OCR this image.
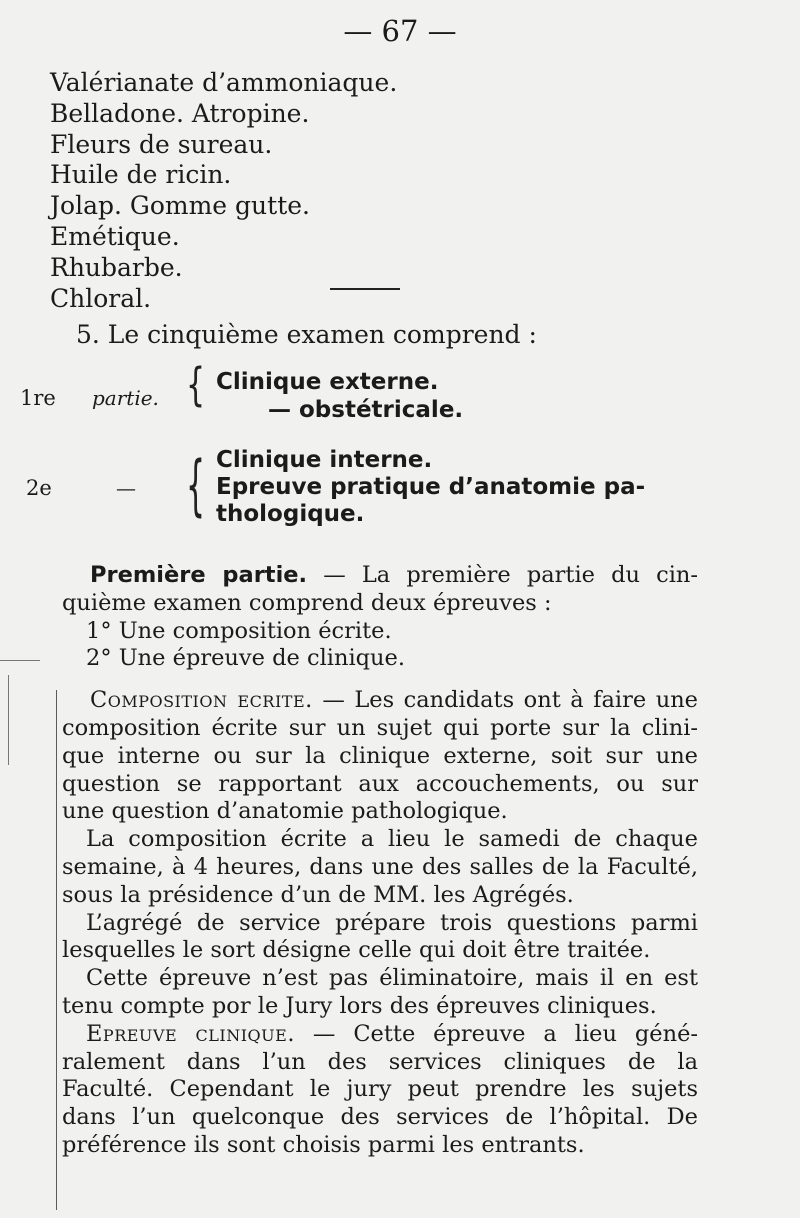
— 67 —
Valérianate d’ammoniaque.
Belladone. Atropine.
Fleurs de sureau.
Huile de ricin.
Jolap. Gomme gutte.
Emétique.
Rhubarbe.
Chloral.
5. Le cinquième examen comprend :
1re partie. { Clinique externe.
— obstétricale.
2e	— { Clinique interne.
Epreuve pratique d’anatomie pa-
thologique.

Première partie. — La première partie du cin-

quième examen comprend deux épreuves :

1° Une composition écrite.

2° Une épreuve de clinique.

Composition ecrite. — Les candidats ont à faire une

composition écrite sur un sujet qui porte sur la clini-

que interne ou sur la clinique externe, soit sur une

question se rapportant aux accouchements, ou sur

une question d’anatomie pathologique.

La composition écrite a lieu le samedi de chaque

semaine, à 4 heures, dans une des salles de la Faculté,

sous la présidence d’un de MM. les Agrégés.

L’agrégé de service prépare trois questions parmi

lesquelles le sort désigne celle qui doit être traitée.

Cette épreuve n’est pas éliminatoire, mais il en est

tenu compte por le Jury lors des épreuves cliniques.

Epreuve clinique. — Cette épreuve a lieu géné-

ralement dans l’un des services cliniques de la

Faculté. Cependant le jury peut prendre les sujets

dans l’un quelconque des services de l’hôpital. De

préférence ils sont choisis parmi les entrants.
